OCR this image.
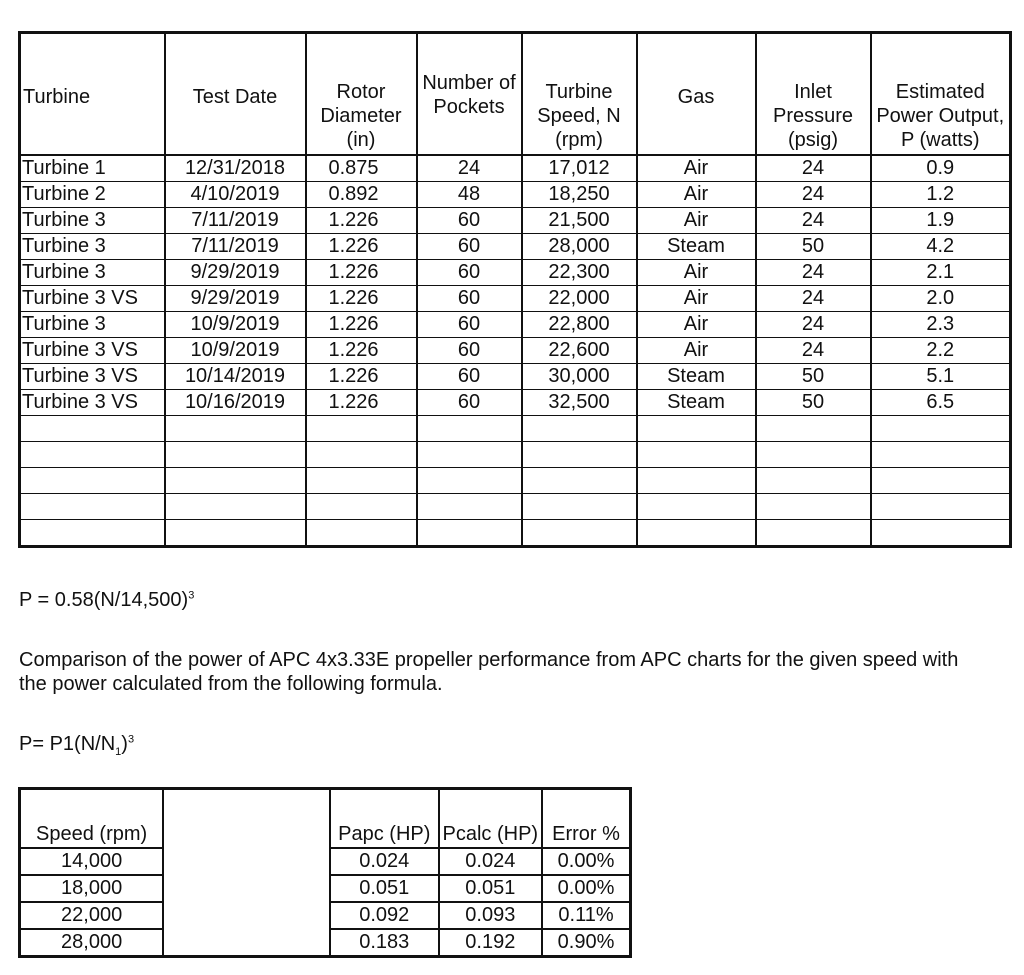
Turbine	Test Date	Rotor Diameter (in)	Number of Pockets	Turbine Speed, N (rpm)	Gas	Inlet Pressure (psig)	Estimated Power Output, P (watts)
Turbine 1	12/31/2018	0.875	24	17,012	Air	24	0.9
Turbine 2	4/10/2019	0.892	48	18,250	Air	24	1.2
Turbine 3	7/11/2019	1.226	60	21,500	Air	24	1.9
Turbine 3	7/11/2019	1.226	60	28,000	Steam	50	4.2
Turbine 3	9/29/2019	1.226	60	22,300	Air	24	2.1
Turbine 3 VS	9/29/2019	1.226	60	22,000	Air	24	2.0
Turbine 3	10/9/2019	1.226	60	22,800	Air	24	2.3
Turbine 3 VS	10/9/2019	1.226	60	22,600	Air	24	2.2
Turbine 3 VS	10/14/2019	1.226	60	30,000	Steam	50	5.1
Turbine 3 VS	10/16/2019	1.226	60	32,500	Steam	50	6.5

$P = 0.58(N/14,500)^3$
Comparison of the power of APC 4x3.33E propeller performance from APC charts for the given speed with the power calculated from the following formula.
$P= P1(N/N_1)^3$
Speed (rpm)		Papc (HP)	Pcalc (HP)	Error %
14,000		0.024	0.024	0.00%
18,000		0.051	0.051	0.00%
22,000		0.092	0.093	0.11%
28,000		0.183	0.192	0.90%
